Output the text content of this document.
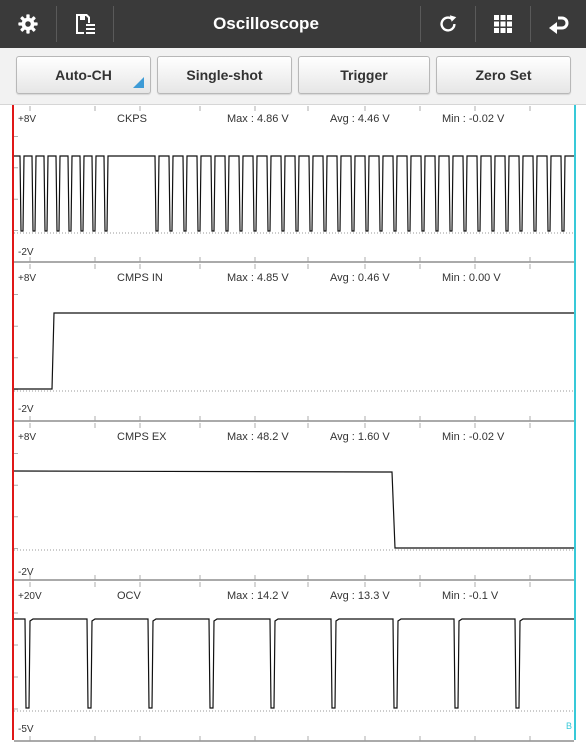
Oscilloscope
Auto-CH	Single-shot	Trigger	Zero Set
+8V	CKPS	Max : 4.86 V	Avg : 4.46 V	Min : -0.02 V
-2V
+8V	CMPS IN	Max : 4.85 V	Avg : 0.46 V	Min : 0.00 V
-2V
+8V	CMPS EX	Max : 48.2 V	Avg : 1.60 V	Min : -0.02 V
-2V
+20V	OCV	Max : 14.2 V	Avg : 13.3 V	Min : -0.1 V
-5V	B
